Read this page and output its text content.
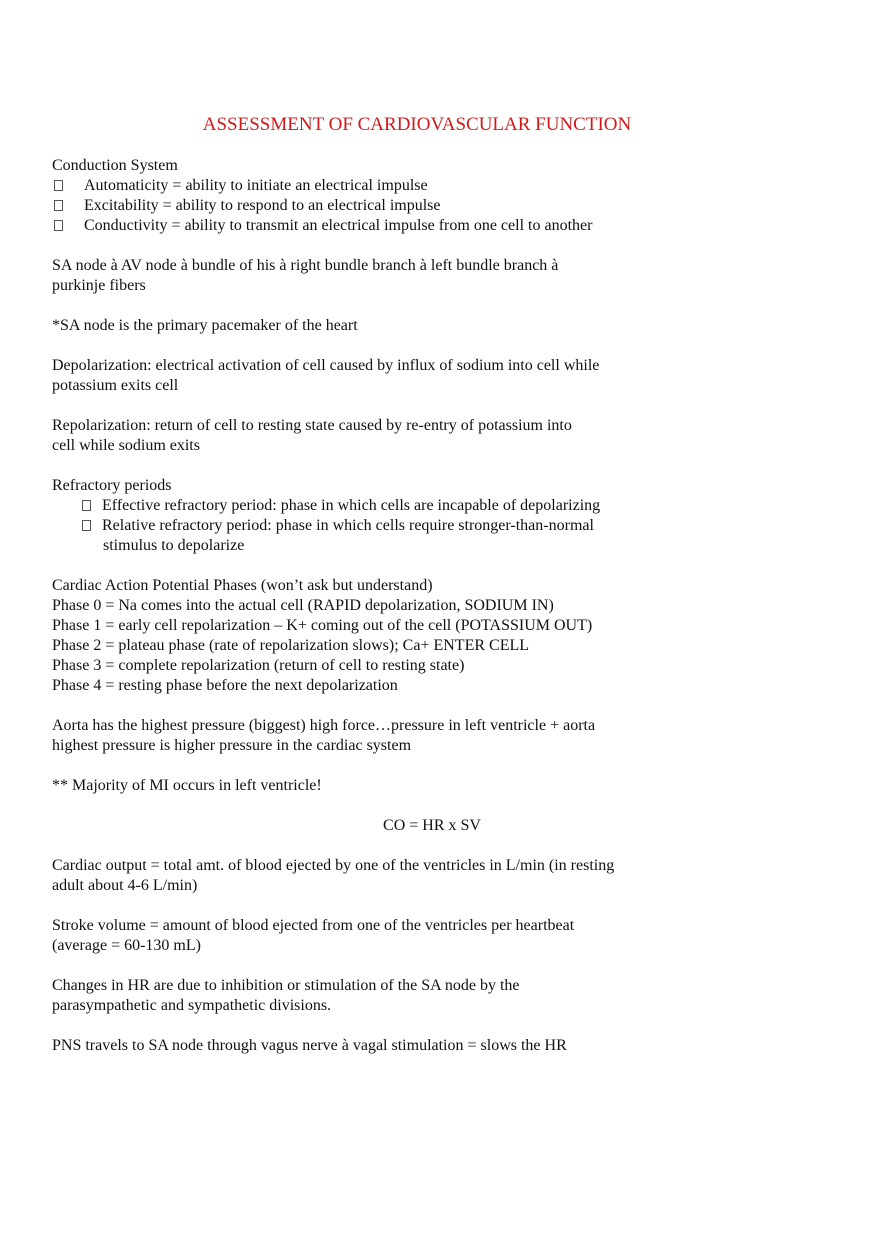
ASSESSMENT OF CARDIOVASCULAR FUNCTION
Conduction System
Automaticity = ability to initiate an electrical impulse
Excitability = ability to respond to an electrical impulse
Conductivity = ability to transmit an electrical impulse from one cell to another
SA node à AV node à bundle of his à right bundle branch à left bundle branch à
purkinje fibers
*SA node is the primary pacemaker of the heart
Depolarization: electrical activation of cell caused by influx of sodium into cell while
potassium exits cell
Repolarization: return of cell to resting state caused by re-entry of potassium into
cell while sodium exits
Refractory periods
Effective refractory period: phase in which cells are incapable of depolarizing
Relative refractory period: phase in which cells require stronger-than-normal
stimulus to depolarize
Cardiac Action Potential Phases (won’t ask but understand)
Phase 0 = Na comes into the actual cell (RAPID depolarization, SODIUM IN)
Phase 1 = early cell repolarization – K+ coming out of the cell (POTASSIUM OUT)
Phase 2 = plateau phase (rate of repolarization slows); Ca+ ENTER CELL
Phase 3 = complete repolarization (return of cell to resting state)
Phase 4 = resting phase before the next depolarization
Aorta has the highest pressure (biggest) high force…pressure in left ventricle + aorta
highest pressure is higher pressure in the cardiac system
** Majority of MI occurs in left ventricle!
CO = HR x SV
Cardiac output = total amt. of blood ejected by one of the ventricles in L/min (in resting
adult about 4-6 L/min)
Stroke volume = amount of blood ejected from one of the ventricles per heartbeat
(average = 60-130 mL)
Changes in HR are due to inhibition or stimulation of the SA node by the
parasympathetic and sympathetic divisions.
PNS travels to SA node through vagus nerve à vagal stimulation = slows the HR
